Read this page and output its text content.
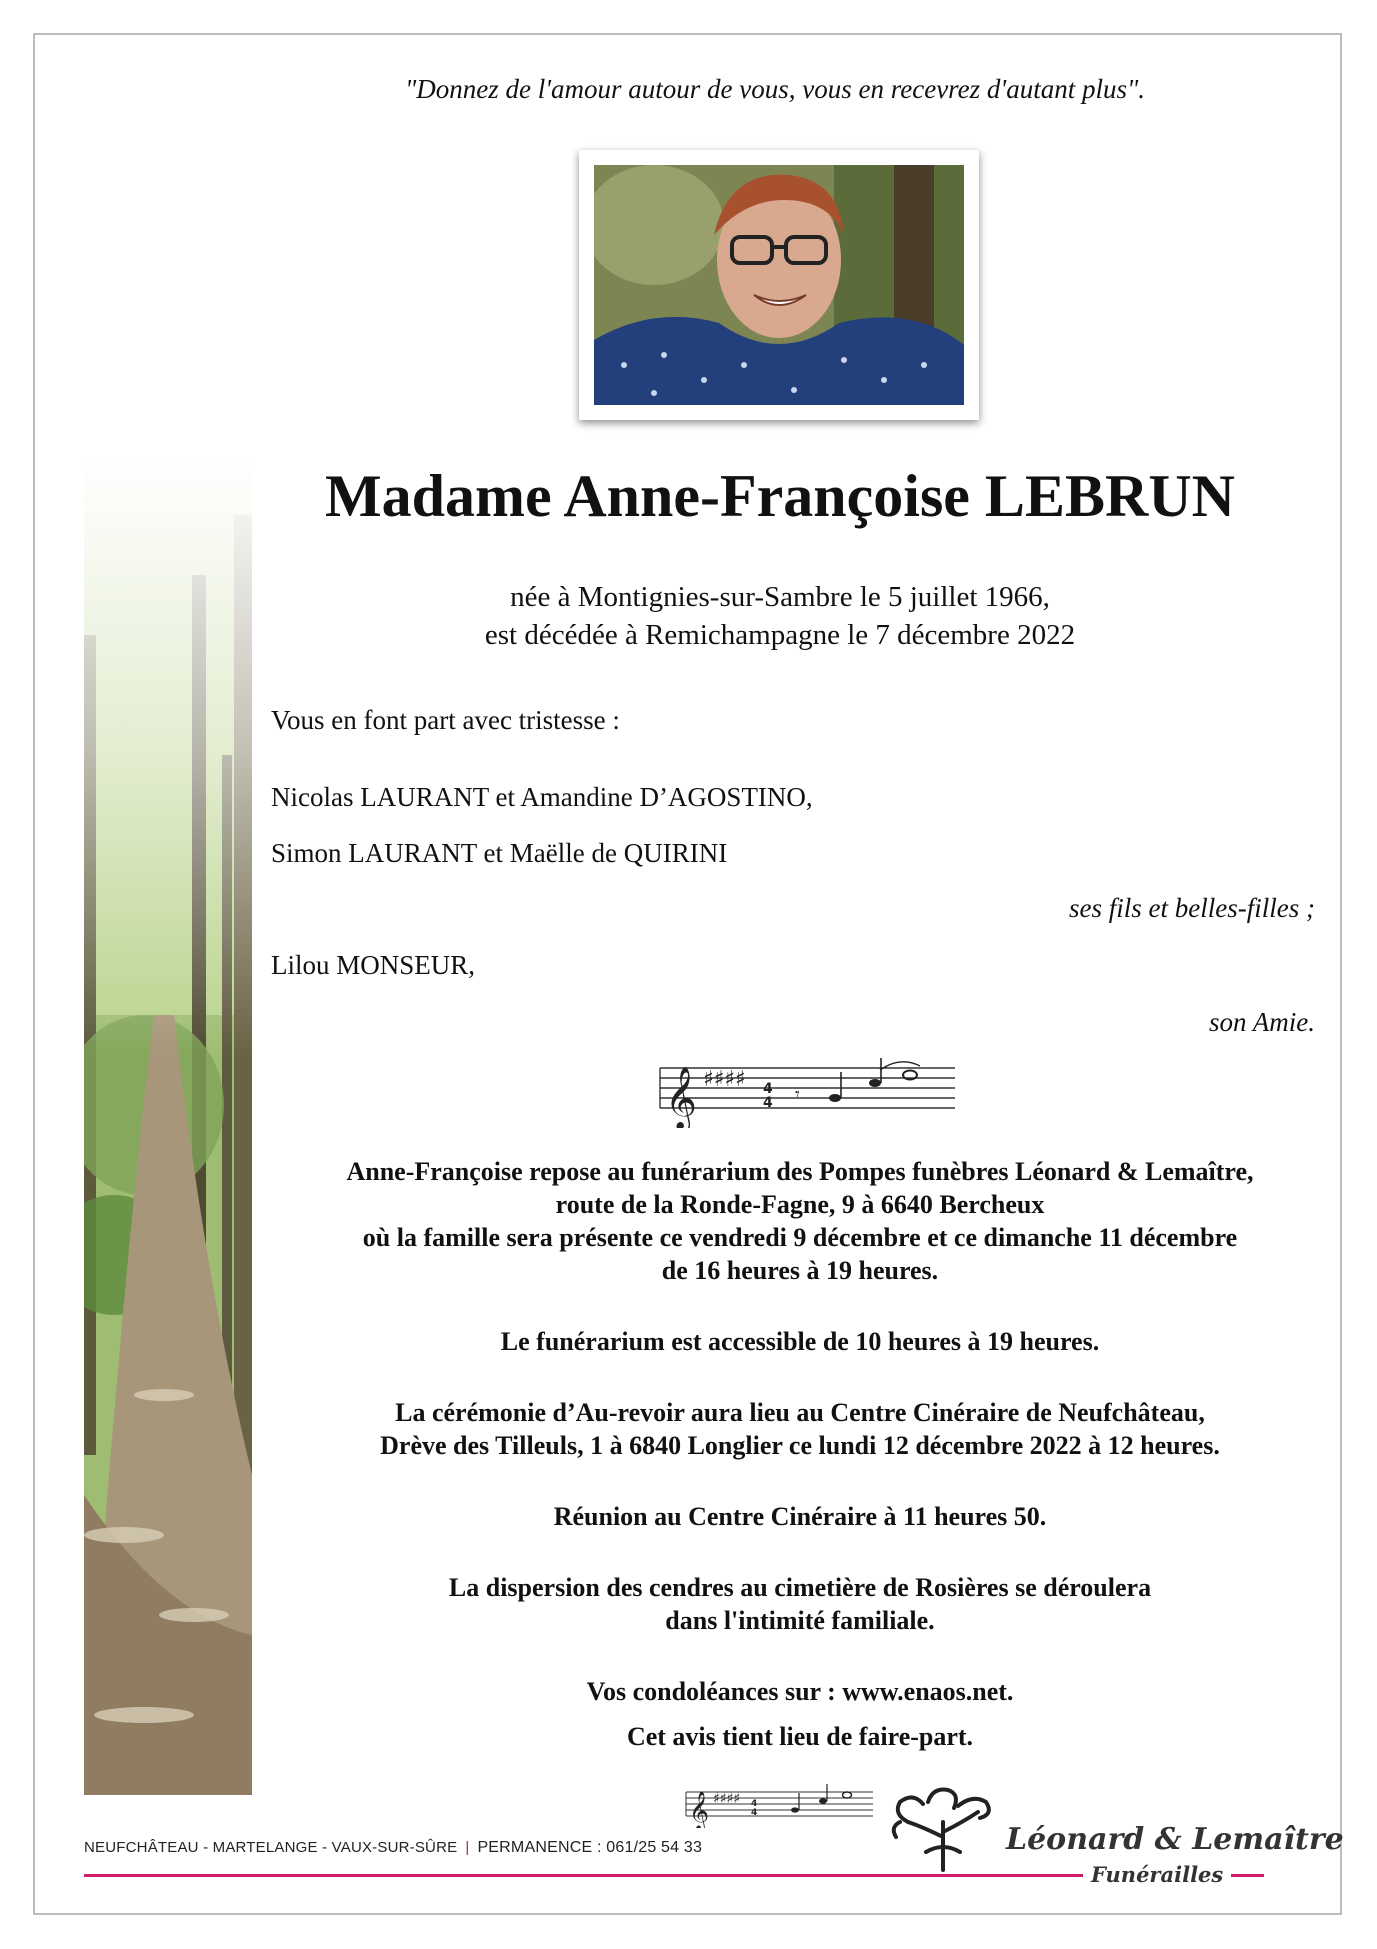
"Donnez de l'amour autour de vous, vous en recevrez d'autant plus".
Madame Anne-Françoise LEBRUN
née à Montignies-sur-Sambre le 5 juillet 1966,
est décédée à Remichampagne le 7 décembre 2022
Vous en font part avec tristesse :
Nicolas LAURANT et Amandine D’AGOSTINO,
Simon LAURANT et Maëlle de QUIRINI
ses fils et belles-filles ;
Lilou MONSEUR,
son Amie.
𝄞 ♯♯♯♯ 4
4 𝄾

Anne-Françoise repose au funérarium des Pompes funèbres Léonard & Lemaître,
route de la Ronde-Fagne, 9 à 6640 Bercheux
où la famille sera présente ce vendredi 9 décembre et ce dimanche 11 décembre
de 16 heures à 19 heures.

Le funérarium est accessible de 10 heures à 19 heures.

La cérémonie d’Au-revoir aura lieu au Centre Cinéraire de Neufchâteau,
Drève des Tilleuls, 1 à 6840 Longlier ce lundi 12 décembre 2022 à 12 heures.

Réunion au Centre Cinéraire à 11 heures 50.

La dispersion des cendres au cimetière de Rosières se déroulera
dans l'intimité familiale.

Vos condoléances sur : www.enaos.net.

Cet avis tient lieu de faire-part.

𝄞 ♯♯♯♯ 4
4
Léonard & Lemaître
Funérailles
NEUFCHÂTEAU - MARTELANGE - VAUX-SUR-SÛRE | PERMANENCE : 061/25 54 33
